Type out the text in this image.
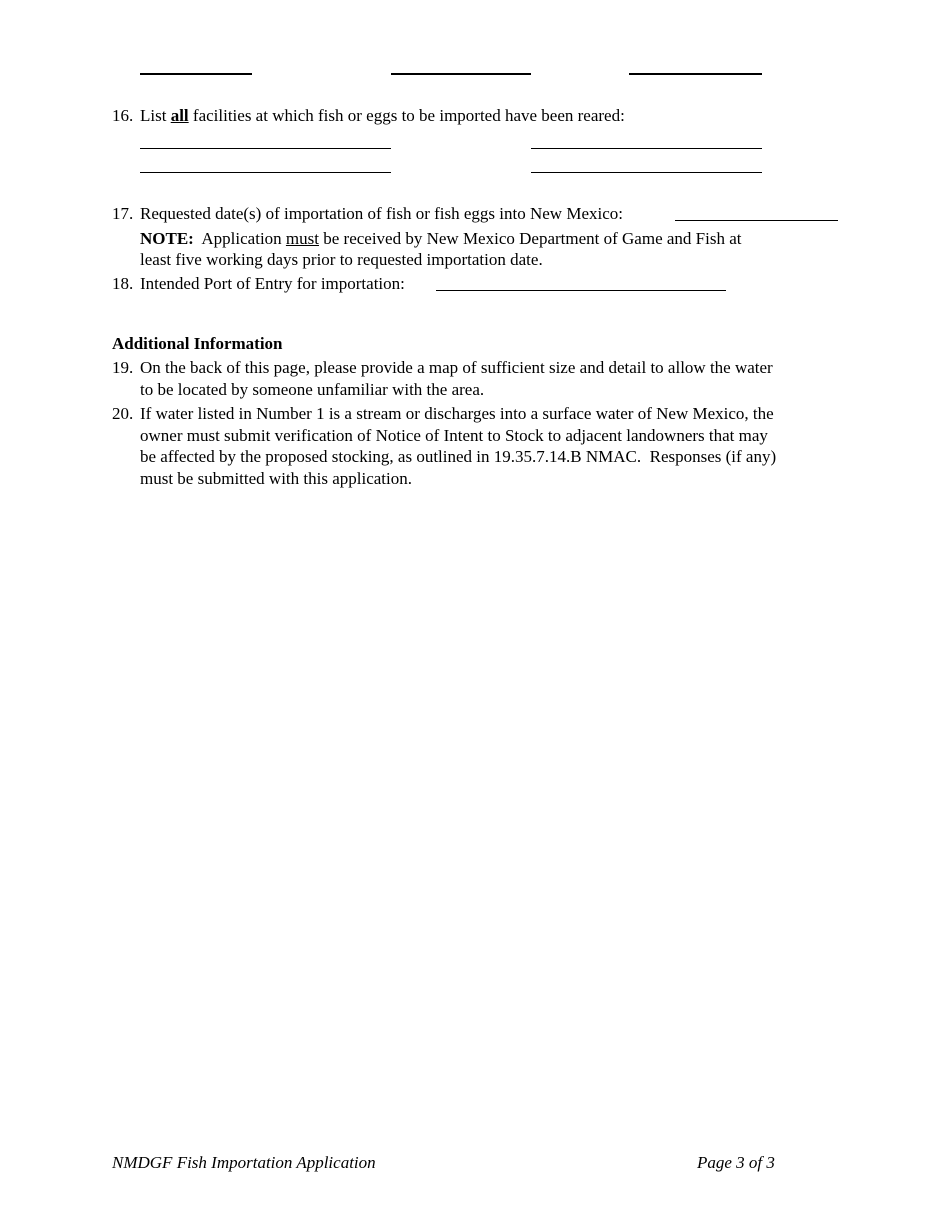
16. List all facilities at which fish or eggs to be imported have been reared:
17. Requested date(s) of importation of fish or fish eggs into New Mexico:
NOTE:  Application must be received by New Mexico Department of Game and Fish at
least five working days prior to requested importation date.
18. Intended Port of Entry for importation:
Additional Information
19. On the back of this page, please provide a map of sufficient size and detail to allow the water
to be located by someone unfamiliar with the area.
20. If water listed in Number 1 is a stream or discharges into a surface water of New Mexico, the
owner must submit verification of Notice of Intent to Stock to adjacent landowners that may
be affected by the proposed stocking, as outlined in 19.35.7.14.B NMAC.  Responses (if any)
must be submitted with this application.
NMDGF Fish Importation Application	Page 3 of 3
